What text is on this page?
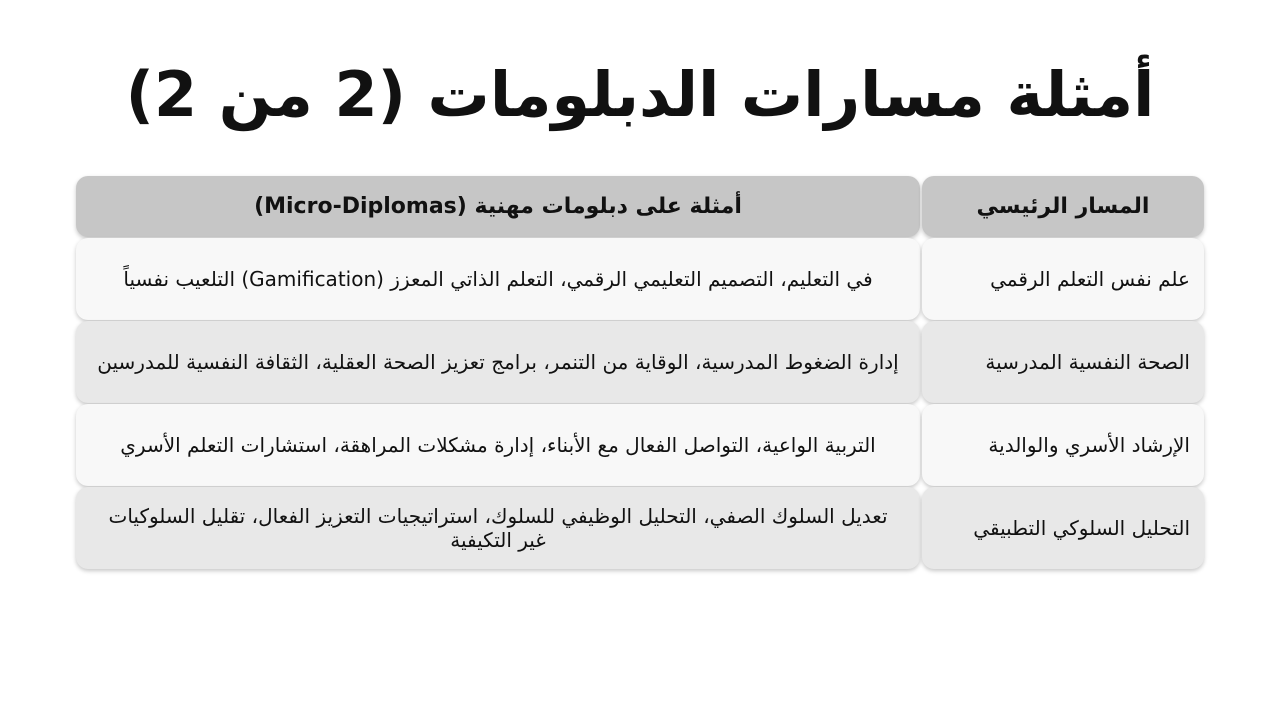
أمثلة مسارات الدبلومات (2 من 2)
أمثلة على دبلومات مهنية (Micro-Diplomas)	المسار الرئيسي
في التعليم، التصميم التعليمي الرقمي، التعلم الذاتي المعزز (Gamification) التلعيب نفسياً	علم نفس التعلم الرقمي
إدارة الضغوط المدرسية، الوقاية من التنمر، برامج تعزيز الصحة العقلية، الثقافة النفسية للمدرسين	الصحة النفسية المدرسية
التربية الواعية، التواصل الفعال مع الأبناء، إدارة مشكلات المراهقة، استشارات التعلم الأسري	الإرشاد الأسري والوالدية
تعديل السلوك الصفي، التحليل الوظيفي للسلوك، استراتيجيات التعزيز الفعال، تقليل السلوكيات غير التكيفية	التحليل السلوكي التطبيقي
